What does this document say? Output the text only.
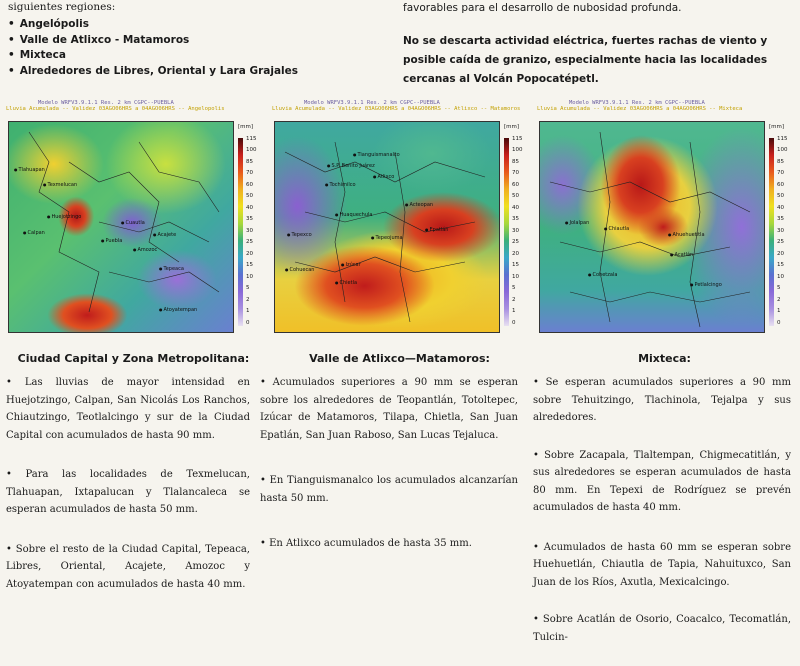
siguientes regiones:
• Angelópolis
• Valle de Atlixco - Matamoros
• Mixteca
• Alrededores de Libres, Oriental y Lara Grajales

favorables para el desarrollo de nubosidad profunda.

No se descarta actividad eléctrica, fuertes rachas de viento y posible caída de granizo, especialmente hacia las localidades cercanas al Volcán Popocatépetl.

Modelo WRFV3.9.1.1 Res. 2 km CGPC--PUEBLA
Lluvia Acumulada -- Validez 03AGO06HRS a 04AGO06HRS -- Angelopolis
● Tlahuapan
● Texmelucan
● Huejotzingo
● Calpan
● Puebla
● Cuautla
● Amozoc
● Acajete
● Tepeaca
● Atoyatempan
[mm]
115
100
85
70
60
50
40
35
30
25
20
15
10
5
2
1
0
Modelo WRFV3.9.1.1 Res. 2 km CGPC--PUEBLA
Lluvia Acumulada -- Validez 03AGO06HRS a 04AGO06HRS -- Atlixco -- Matamoros
● Tianguismanalco
● S.P. Benito Juárez
● Atlixco
● Tochimilco
● Acteopan
● Huaquechula
● Tepeojuma
● Tepexco
● Izúcar
● Epatlán
● Chietla
● Cohuecan
[mm]
115
100
85
70
60
50
40
35
30
25
20
15
10
5
2
1
0
Modelo WRFV3.9.1.1 Res. 2 km CGPC--PUEBLA
Lluvia Acumulada -- Validez 03AGO06HRS a 04AGO06HRS -- Mixteca
● Jolalpan
● Chiautla
● Ahuehuetitla
● Acatlán
● Cohetzala
● Petlalcingo
[mm]
115
100
85
70
60
50
40
35
30
25
20
15
10
5
2
1
0
Ciudad Capital y Zona Metropolitana:	Valle de Atlixco—Matamoros:	Mixteca:

• Las lluvias de mayor intensidad en Huejotzingo, Calpan, San Nicolás Los Ranchos, Chiautzingo, Teotlalcingo y sur de la Ciudad Capital con acumulados de hasta 90 mm.

• Para las localidades de Texmelucan, Tlahuapan, Ixtapalucan y Tlalancaleca se esperan acumulados de hasta 50 mm.

• Sobre el resto de la Ciudad Capital, Tepeaca, Libres, Oriental, Acajete, Amozoc y Atoyatempan con acumulados de hasta 40 mm.

• Acumulados superiores a 90 mm se esperan sobre los alrededores de Teopantlán, Totoltepec, Izúcar de Matamoros, Tilapa, Chietla, San Juan Epatlán, San Juan Raboso, San Lucas Tejaluca.

• En Tianguismanalco los acumulados alcanzarían hasta 50 mm.

• En Atlixco acumulados de hasta 35 mm.

• Se esperan acumulados superiores a 90 mm sobre Tehuitzingo, Tlachinola, Tejalpa y sus alrededores.

• Sobre Zacapala, Tlaltempan, Chigmecatitlán, y sus alrededores se esperan acumulados de hasta 80 mm. En Tepexi de Rodríguez se prevén acumulados de hasta 40 mm.

• Acumulados de hasta 60 mm se esperan sobre Huehuetlán, Chiautla de Tapia, Nahuituxco, San Juan de los Ríos, Axutla, Mexicalcingo.

• Sobre Acatlán de Osorio, Coacalco, Tecomatlán, Tulcin-
